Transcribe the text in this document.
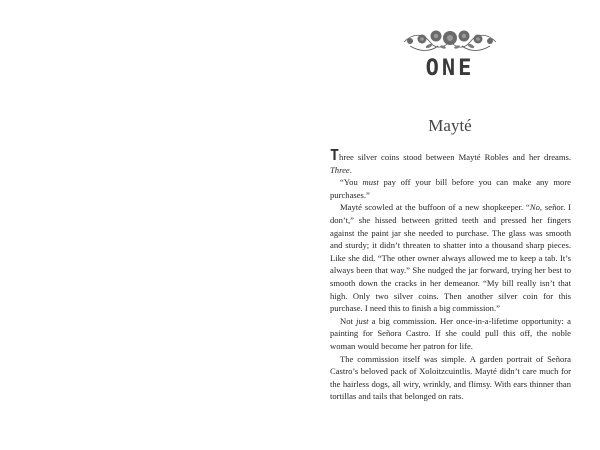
ONE
Mayté

Three silver coins stood between Mayté Robles and her dreams. Three.

“You must pay off your bill before you can make any more purchases.”

Mayté scowled at the buffoon of a new shopkeeper. “No, señor. I don’t,” she hissed between gritted teeth and pressed her fingers against the paint jar she needed to purchase. The glass was smooth and sturdy; it didn’t threaten to shatter into a thousand sharp pieces. Like she did. “The other owner always allowed me to keep a tab. It’s always been that way.” She nudged the jar forward, trying her best to smooth down the cracks in her demeanor. “My bill really isn’t that high. Only two silver coins. Then another silver coin for this purchase. I need this to finish a big commission.”

Not just a big commission. Her once-in-a-lifetime opportunity: a painting for Señora Castro. If she could pull this off, the noble woman would become her patron for life.

The commission itself was simple. A garden portrait of Señora Castro’s beloved pack of Xoloitzcuintlis. Mayté didn’t care much for the hairless dogs, all wiry, wrinkly, and flimsy. With ears thinner than tortillas and tails that belonged on rats.
